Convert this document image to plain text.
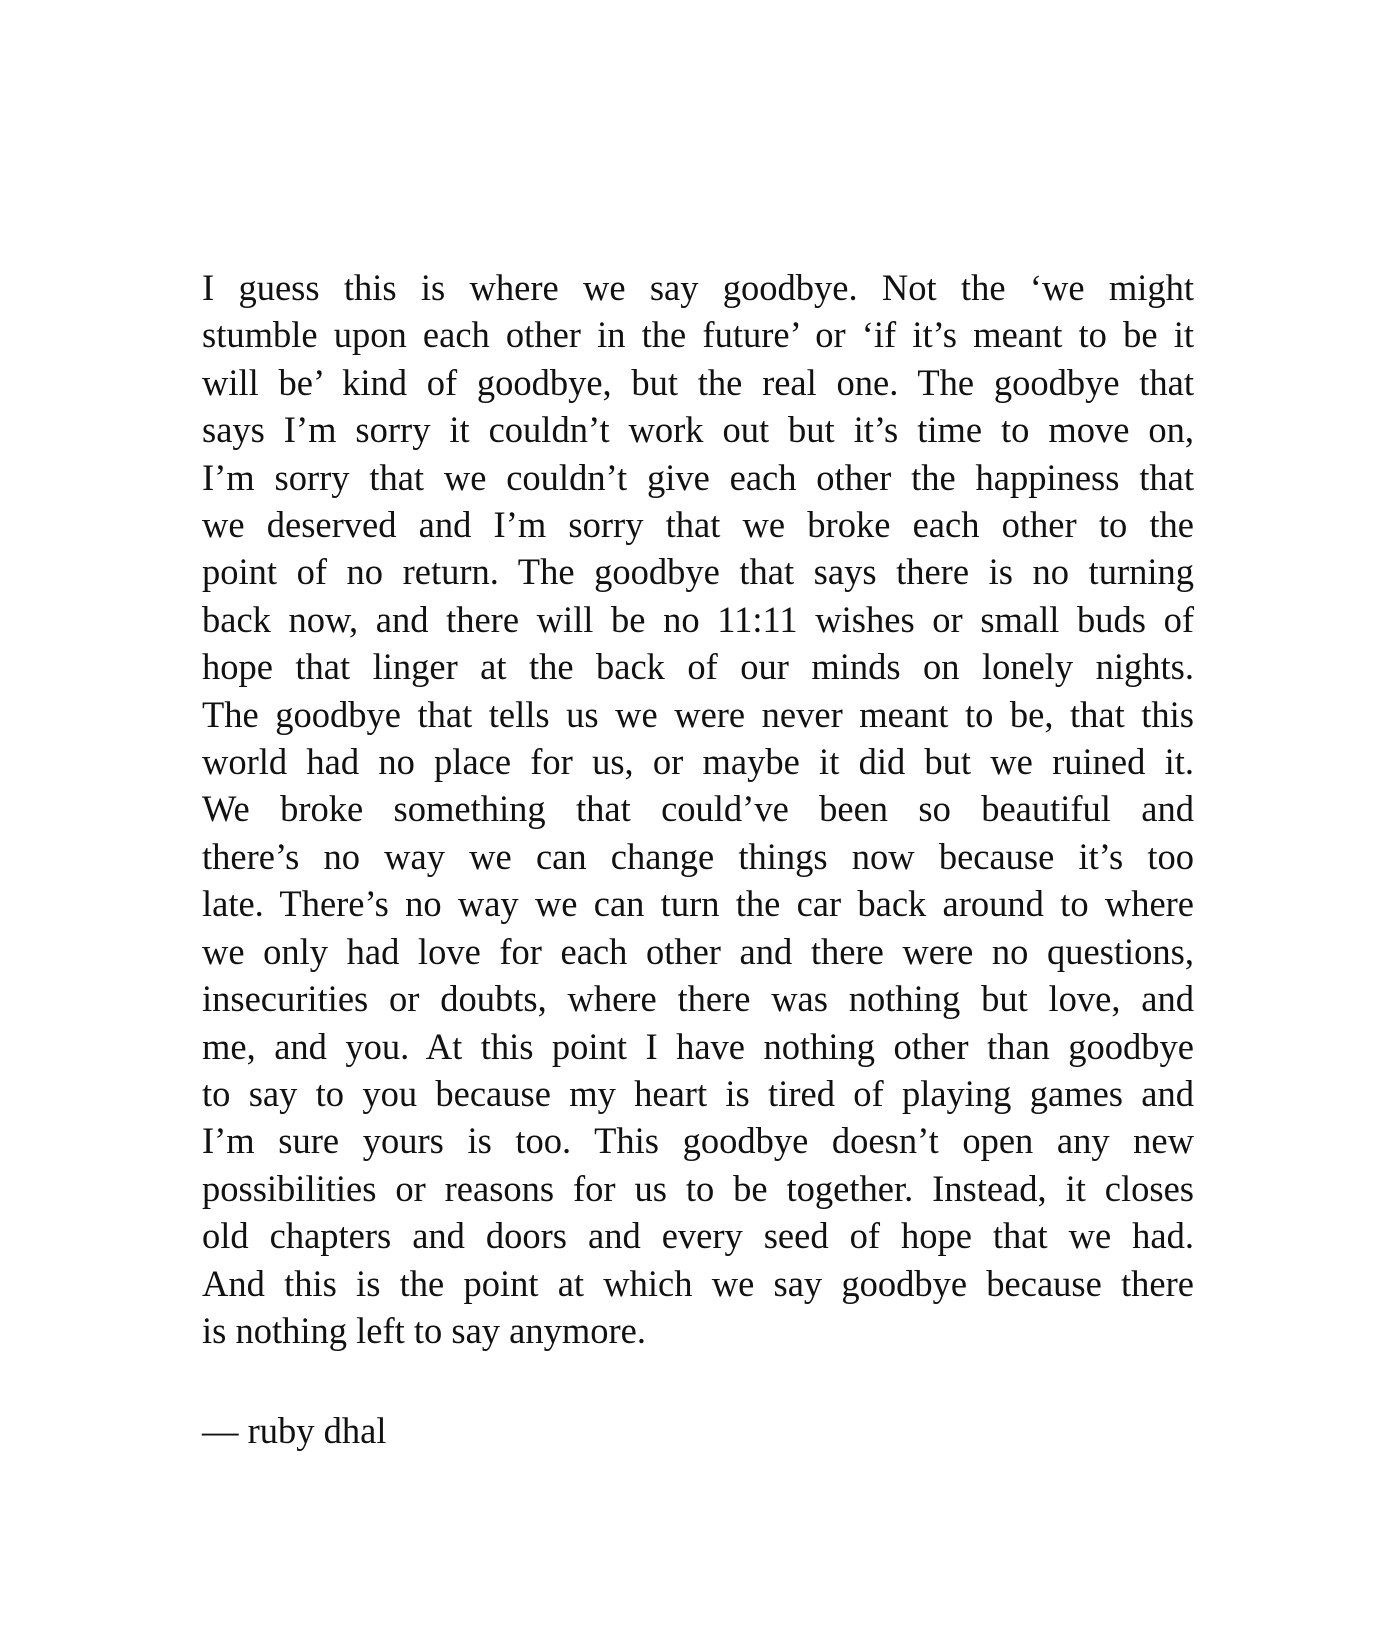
I guess this is where we say goodbye. Not the ‘we might
stumble upon each other in the future’ or ‘if it’s meant to be it
will be’ kind of goodbye, but the real one. The goodbye that
says I’m sorry it couldn’t work out but it’s time to move on,
I’m sorry that we couldn’t give each other the happiness that
we deserved and I’m sorry that we broke each other to the
point of no return. The goodbye that says there is no turning
back now, and there will be no 11:11 wishes or small buds of
hope that linger at the back of our minds on lonely nights.
The goodbye that tells us we were never meant to be, that this
world had no place for us, or maybe it did but we ruined it.
We broke something that could’ve been so beautiful and
there’s no way we can change things now because it’s too
late. There’s no way we can turn the car back around to where
we only had love for each other and there were no questions,
insecurities or doubts, where there was nothing but love, and
me, and you. At this point I have nothing other than goodbye
to say to you because my heart is tired of playing games and
I’m sure yours is too. This goodbye doesn’t open any new
possibilities or reasons for us to be together. Instead, it closes
old chapters and doors and every seed of hope that we had.
And this is the point at which we say goodbye because there
is nothing left to say anymore.

— ruby dhal
